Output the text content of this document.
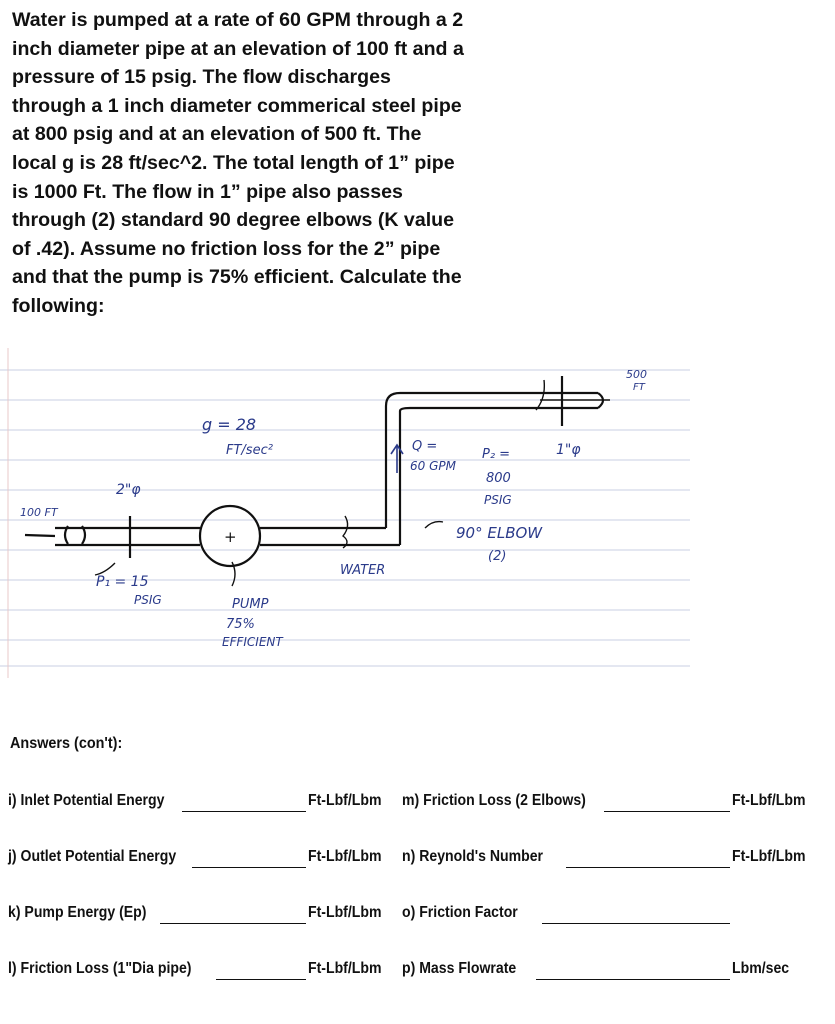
Water is pumped at a rate of 60 GPM through a 2
inch diameter pipe at an elevation of 100 ft and a
pressure of 15 psig. The flow discharges
through a 1 inch diameter commerical steel pipe
at 800 psig and at an elevation of 500 ft. The
local g is 28 ft/sec^2. The total length of 1” pipe
is 1000 Ft. The flow in 1” pipe also passes
through (2) standard 90 degree elbows (K value
of .42). Assume no friction loss for the 2” pipe
and that the pump is 75% efficient. Calculate the
following:
500
FT
g = 28
FT/sec²	Q =
60 GPM
P₂ =
800
PSIG
1"φ
90° ELBOW
(2)
100 FT
2"φ
P₁ = 15
PSIG
WATER
PUMP
75%
EFFICIENT
+
Answers (con't):
i) Inlet Potential Energy	Ft-Lbf/Lbm m) Friction Loss (2 Elbows)	Ft-Lbf/Lbm
j) Outlet Potential Energy	Ft-Lbf/Lbm n) Reynold's Number	Ft-Lbf/Lbm
k) Pump Energy (Ep)	Ft-Lbf/Lbm o) Friction Factor
l) Friction Loss (1"Dia pipe)	Ft-Lbf/Lbm p) Mass Flowrate	Lbm/sec
